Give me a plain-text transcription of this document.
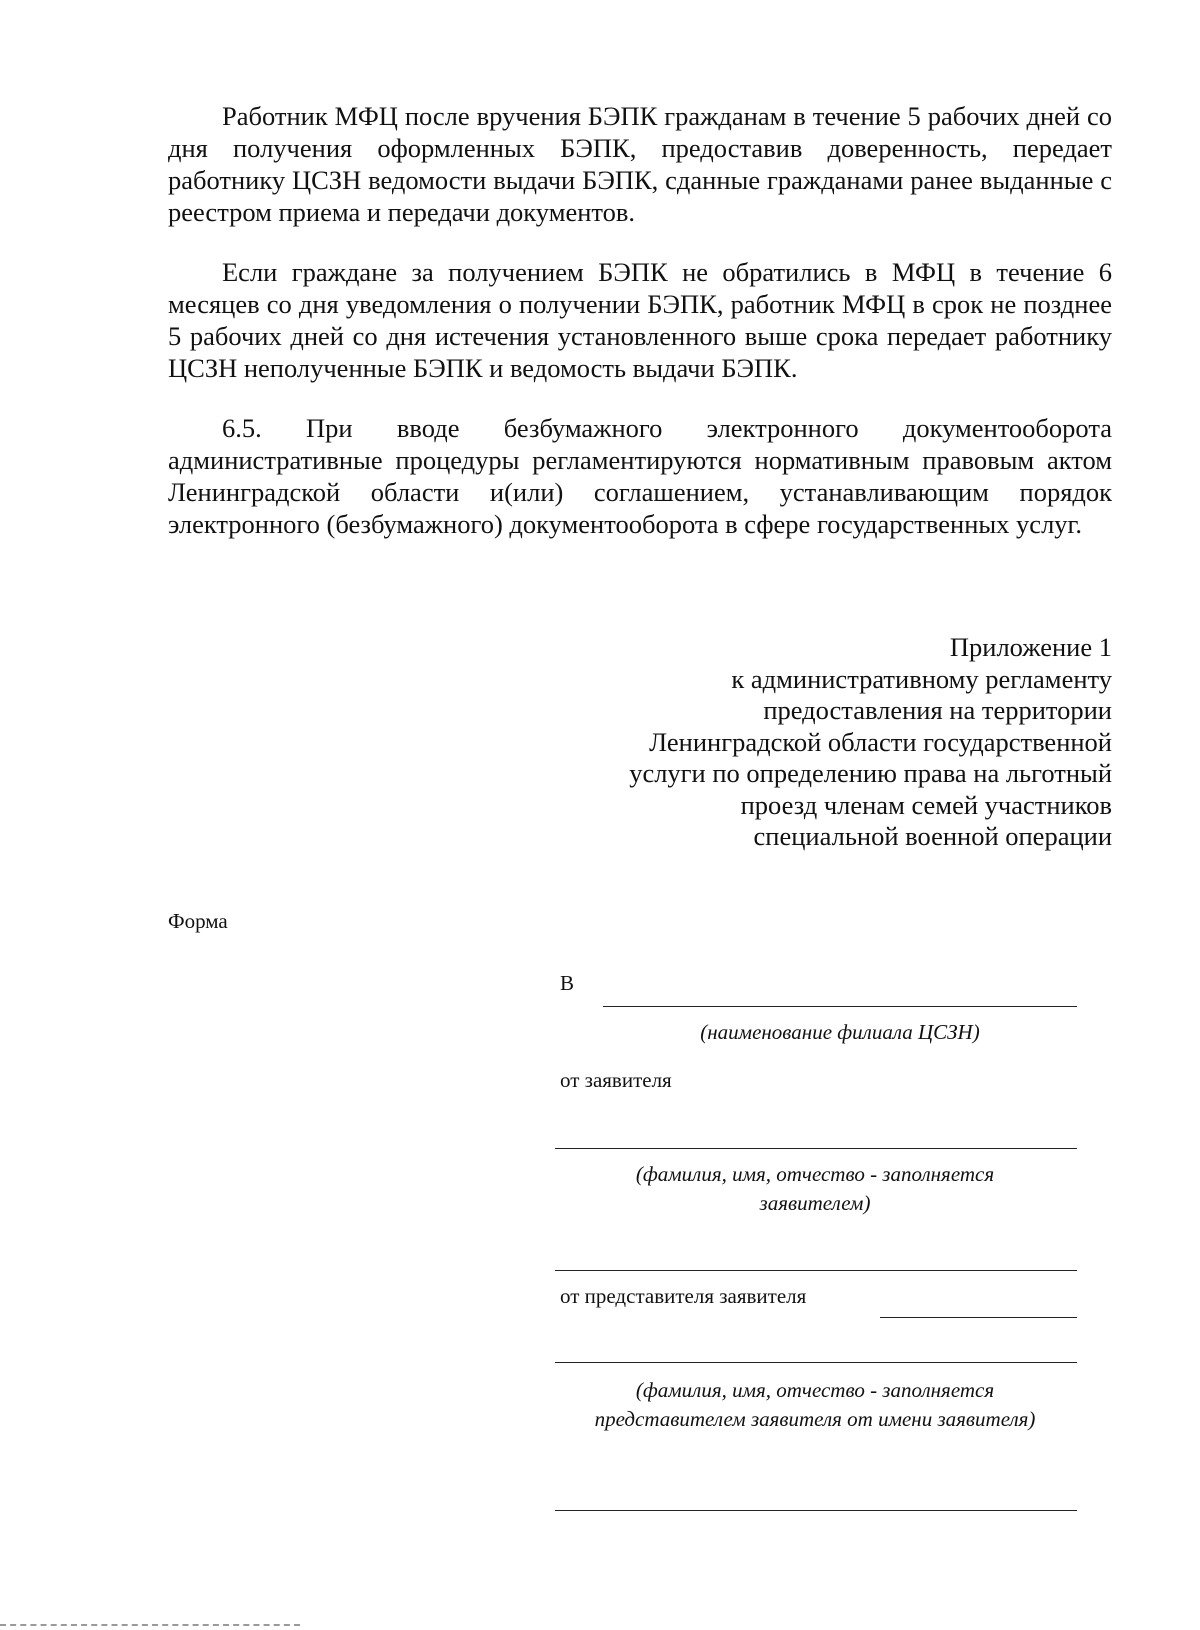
Работник МФЦ после вручения БЭПК гражданам в течение 5 рабочих дней со дня получения оформленных БЭПК, предоставив доверенность, передает работнику ЦСЗН ведомости выдачи БЭПК, сданные гражданами ранее выданные с реестром приема и передачи документов.

Если граждане за получением БЭПК не обратились в МФЦ в течение 6 месяцев со дня уведомления о получении БЭПК, работник МФЦ в срок не позднее 5 рабочих дней со дня истечения установленного выше срока передает работнику ЦСЗН неполученные БЭПК и ведомость выдачи БЭПК.

6.5. При вводе безбумажного электронного документооборота административные процедуры регламентируются нормативным правовым актом Ленинградской области и(или) соглашением, устанавливающим порядок электронного (безбумажного) документооборота в сфере государственных услуг.

Приложение 1
к административному регламенту
предоставления на территории
Ленинградской области государственной
услуги по определению права на льготный
проезд членам семей участников
специальной военной операции
Форма
В
(наименование филиала ЦСЗН)
от заявителя
(фамилия, имя, отчество - заполняется заявителем)
от представителя заявителя
(фамилия, имя, отчество - заполняется представителем заявителя от имени заявителя)
